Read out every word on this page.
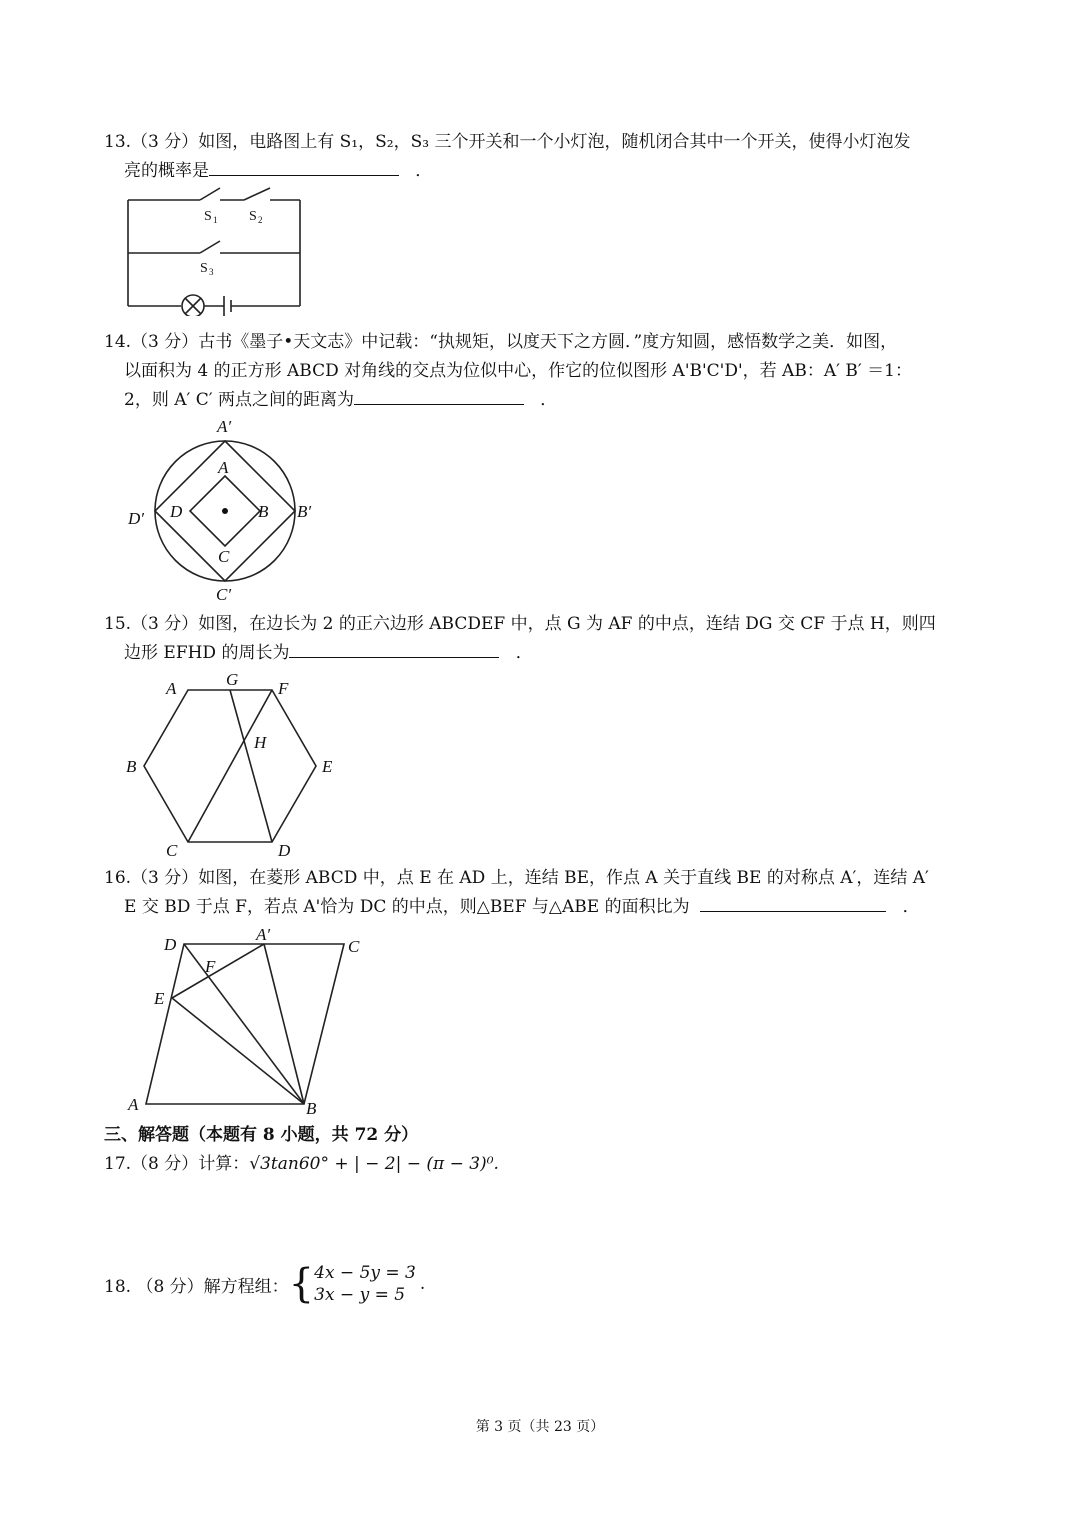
13.（3 分）如图，电路图上有 S₁，S₂，S₃ 三个开关和一个小灯泡，随机闭合其中一个开关，使得小灯泡发
亮的概率是	．
S 1 S 2
S 3
14.（3 分）古书《墨子•天文志》中记载：“执规矩，以度天下之方圆．”度方知圆，感悟数学之美．如图，
以面积为 4 的正方形 ABCD 对角线的交点为位似中心，作它的位似图形 A'B'C'D'，若 AB：A′ B′ ＝1：
2，则 A′ C′ 两点之间的距离为	．
A′
A
D′ D	B B′
C
C′
15.（3 分）如图，在边长为 2 的正六边形 ABCDEF 中，点 G 为 AF 的中点，连结 DG 交 CF 于点 H，则四
边形 EFHD 的周长为	．
A	G F
H
B	E
C	D
16.（3 分）如图，在菱形 ABCD 中，点 E 在 AD 上，连结 BE，作点 A 关于直线 BE 的对称点 A′，连结 A′
E 交 BD 于点 F，若点 A'恰为 DC 的中点，则△BEF 与△ABE 的面积比为	．
D
A′
C
F
E
A	B
三、解答题（本题有 8 小题，共 72 分）
17.（8 分）计算：√3tan60° + | − 2| − (π − 3)⁰.
18. （8 分）解方程组： { 4x − 5y = 3
3x − y = 5
.
第 3 页（共 23 页）
